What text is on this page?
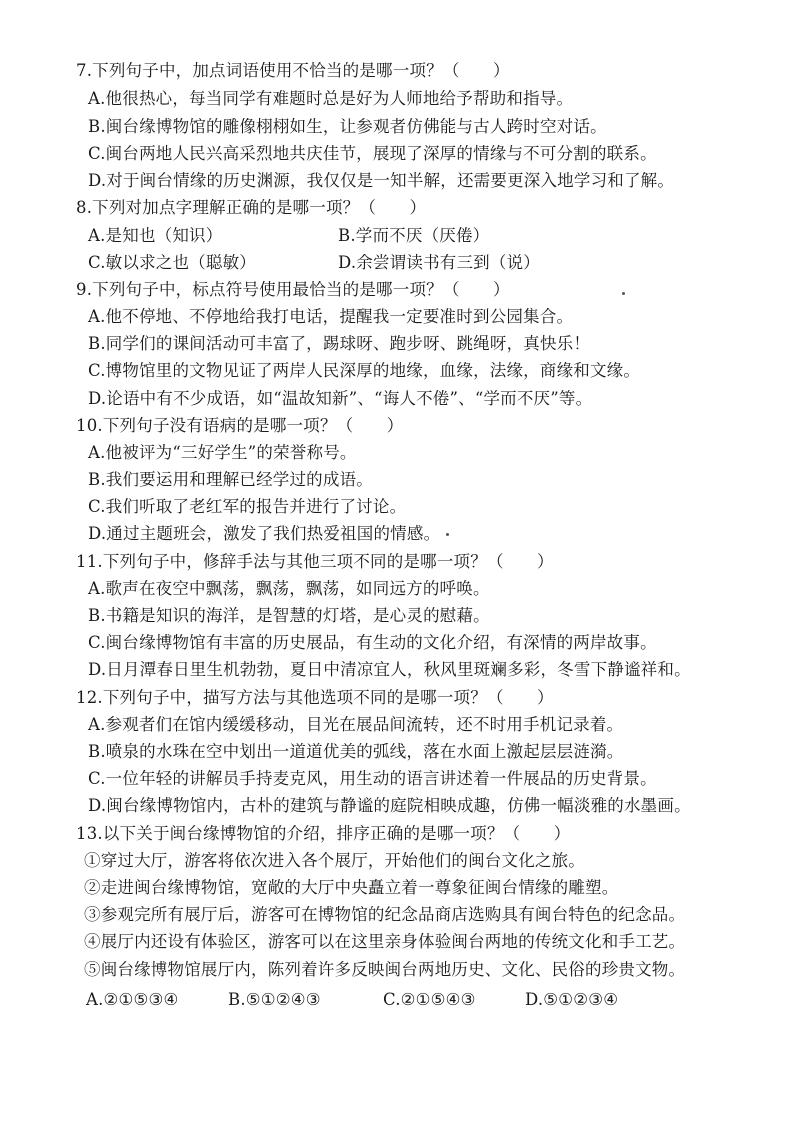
7.下列句子中，加点词语使用不恰当的是哪一项？（　　）
A.他很热心，每当同学有难题时总是好为人师地给予帮助和指导。
B.闽台缘博物馆的雕像栩栩如生，让参观者仿佛能与古人跨时空对话。
C.闽台两地人民兴高采烈地共庆佳节，展现了深厚的情缘与不可分割的联系。
D.对于闽台情缘的历史渊源，我仅仅是一知半解，还需要更深入地学习和了解。
8.下列对加点字理解正确的是哪一项？（　　）
A.是知也（知识）	B.学而不厌（厌倦）
C.敏以求之也（聪敏）	D.余尝谓读书有三到（说）
9.下列句子中，标点符号使用最恰当的是哪一项？（　　）
A.他不停地、不停地给我打电话，提醒我一定要准时到公园集合。
B.同学们的课间活动可丰富了，踢球呀、跑步呀、跳绳呀，真快乐！
C.博物馆里的文物见证了两岸人民深厚的地缘，血缘，法缘，商缘和文缘。
D.论语中有不少成语，如“温故知新”、“诲人不倦”、“学而不厌”等。
10.下列句子没有语病的是哪一项？（　　）
A.他被评为“三好学生”的荣誉称号。
B.我们要运用和理解已经学过的成语。
C.我们听取了老红军的报告并进行了讨论。
D.通过主题班会，激发了我们热爱祖国的情感。
11.下列句子中，修辞手法与其他三项不同的是哪一项？（　　）
A.歌声在夜空中飘荡，飘荡，飘荡，如同远方的呼唤。
B.书籍是知识的海洋，是智慧的灯塔，是心灵的慰藉。
C.闽台缘博物馆有丰富的历史展品，有生动的文化介绍，有深情的两岸故事。
D.日月潭春日里生机勃勃，夏日中清凉宜人，秋风里斑斓多彩，冬雪下静谧祥和。
12.下列句子中，描写方法与其他选项不同的是哪一项？（　　）
A.参观者们在馆内缓缓移动，目光在展品间流转，还不时用手机记录着。
B.喷泉的水珠在空中划出一道道优美的弧线，落在水面上激起层层涟漪。
C.一位年轻的讲解员手持麦克风，用生动的语言讲述着一件展品的历史背景。
D.闽台缘博物馆内，古朴的建筑与静谧的庭院相映成趣，仿佛一幅淡雅的水墨画。
13.以下关于闽台缘博物馆的介绍，排序正确的是哪一项？（　　）
①穿过大厅，游客将依次进入各个展厅，开始他们的闽台文化之旅。
②走进闽台缘博物馆，宽敞的大厅中央矗立着一尊象征闽台情缘的雕塑。
③参观完所有展厅后，游客可在博物馆的纪念品商店选购具有闽台特色的纪念品。
④展厅内还设有体验区，游客可以在这里亲身体验闽台两地的传统文化和手工艺。
⑤闽台缘博物馆展厅内，陈列着许多反映闽台两地历史、文化、民俗的珍贵文物。
A.②①⑤③④	B.⑤①②④③	C.②①⑤④③	D.⑤①②③④
